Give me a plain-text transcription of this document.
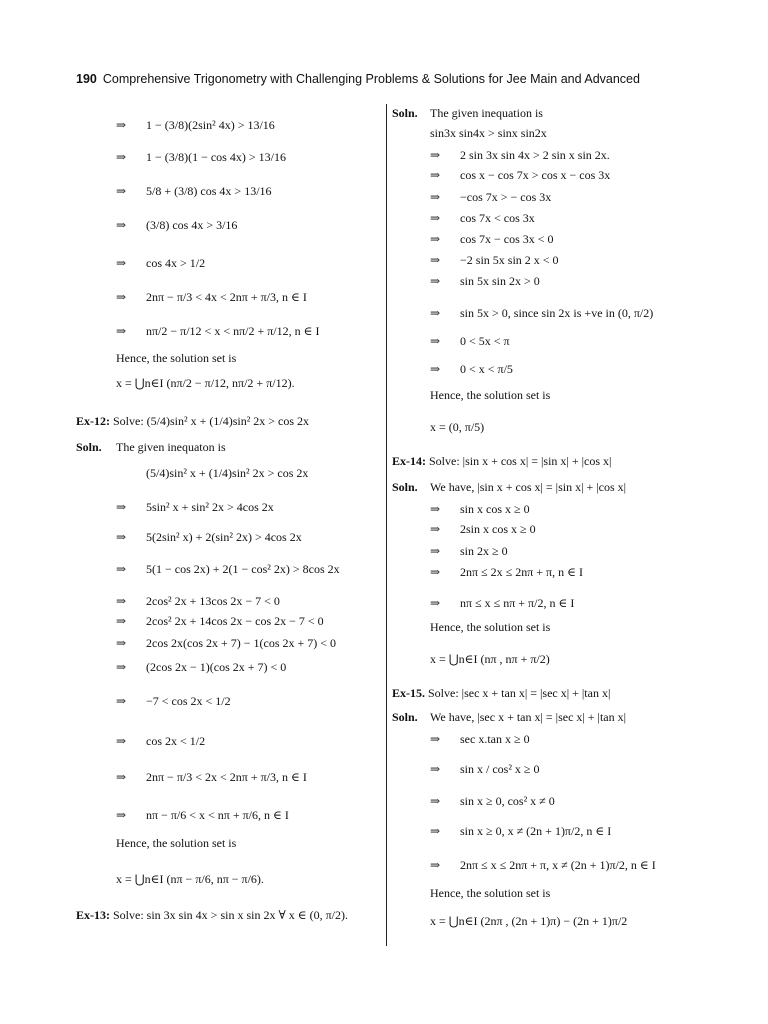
190 Comprehensive Trigonometry with Challenging Problems & Solutions for Jee Main and Advanced
⇒ 1 − (3/8)(2sin² 4x) > 13/16
⇒ 1 − (3/8)(1 − cos 4x) > 13/16
⇒ 5/8 + (3/8) cos 4x > 13/16
⇒ (3/8) cos 4x > 3/16
⇒ cos 4x > 1/2
⇒ 2nπ − π/3 < 4x < 2nπ + π/3, n ∈ I
⇒ nπ/2 − π/12 < x < nπ/2 + π/12, n ∈ I
Hence, the solution set is
x = ⋃n∈I (nπ/2 − π/12, nπ/2 + π/12).
Ex-12: Solve: (5/4)sin² x + (1/4)sin² 2x > cos 2x
Soln. The given inequaton is
(5/4)sin² x + (1/4)sin² 2x > cos 2x
⇒ 5sin² x + sin² 2x > 4cos 2x
⇒ 5(2sin² x) + 2(sin² 2x) > 4cos 2x
⇒ 5(1 − cos 2x) + 2(1 − cos² 2x) > 8cos 2x
⇒ 2cos² 2x + 13cos 2x − 7 < 0
⇒ 2cos² 2x + 14cos 2x − cos 2x − 7 < 0
⇒ 2cos 2x(cos 2x + 7) − 1(cos 2x + 7) < 0
⇒ (2cos 2x − 1)(cos 2x + 7) < 0
⇒ −7 < cos 2x < 1/2
⇒ cos 2x < 1/2
⇒ 2nπ − π/3 < 2x < 2nπ + π/3, n ∈ I
⇒ nπ − π/6 < x < nπ + π/6, n ∈ I
Hence, the solution set is
x = ⋃n∈I (nπ − π/6, nπ − π/6).
Ex-13: Solve: sin 3x sin 4x > sin x sin 2x ∀ x ∈ (0, π/2).
Soln. The given inequation is
sin3x sin4x > sinx sin2x
⇒ 2 sin 3x sin 4x > 2 sin x sin 2x.
⇒ cos x − cos 7x > cos x − cos 3x
⇒ −cos 7x > − cos 3x
⇒ cos 7x < cos 3x
⇒ cos 7x − cos 3x < 0
⇒ −2 sin 5x sin 2 x < 0
⇒ sin 5x sin 2x > 0
⇒ sin 5x > 0, since sin 2x is +ve in (0, π/2)
⇒ 0 < 5x < π
⇒ 0 < x < π/5
Hence, the solution set is
x = (0, π/5)
Ex-14: Solve: |sin x + cos x| = |sin x| + |cos x|
Soln. We have, |sin x + cos x| = |sin x| + |cos x|
⇒ sin x cos x ≥ 0
⇒ 2sin x cos x ≥ 0
⇒ sin 2x ≥ 0
⇒ 2nπ ≤ 2x ≤ 2nπ + π, n ∈ I
⇒ nπ ≤ x ≤ nπ + π/2, n ∈ I
Hence, the solution set is
x = ⋃n∈I (nπ , nπ + π/2)
Ex-15. Solve: |sec x + tan x| = |sec x| + |tan x|
Soln. We have, |sec x + tan x| = |sec x| + |tan x|
⇒ sec x.tan x ≥ 0
⇒ sin x / cos² x ≥ 0
⇒ sin x ≥ 0, cos² x ≠ 0
⇒ sin x ≥ 0, x ≠ (2n + 1)π/2, n ∈ I
⇒ 2nπ ≤ x ≤ 2nπ + π, x ≠ (2n + 1)π/2, n ∈ I
Hence, the solution set is
x = ⋃n∈I (2nπ , (2n + 1)π) − (2n + 1)π/2
